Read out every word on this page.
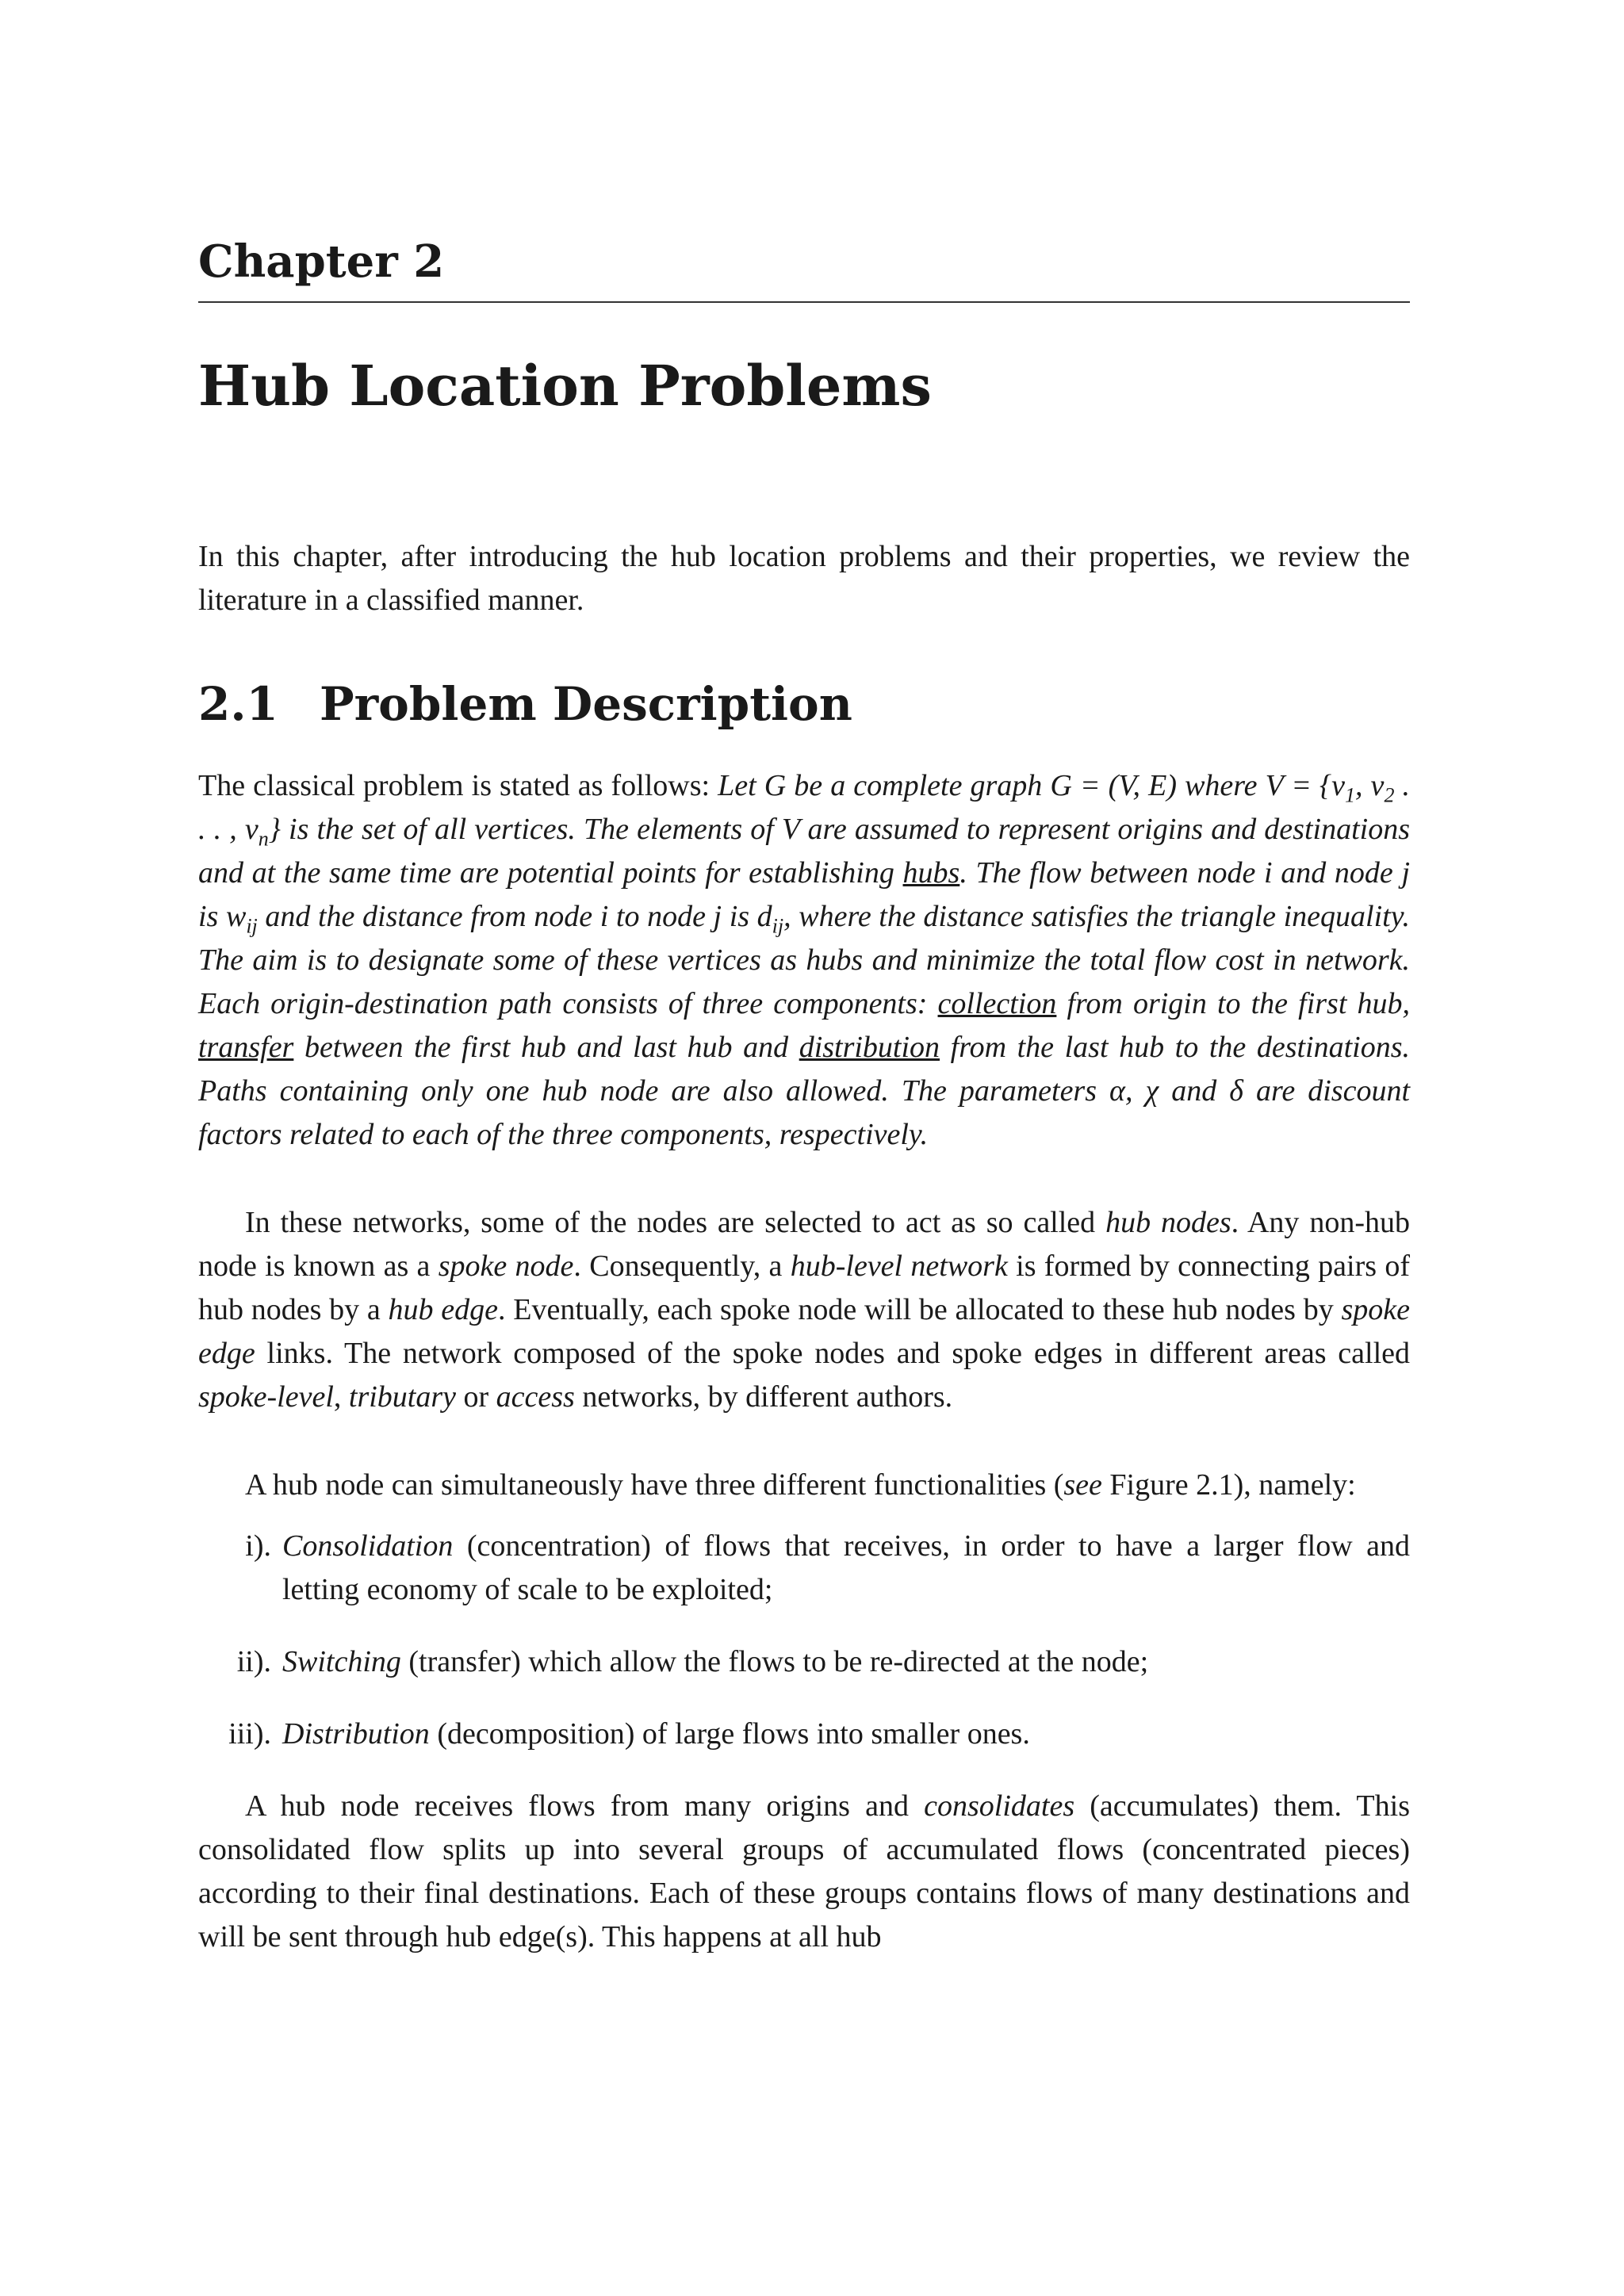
Chapter 2
Hub Location Problems

In this chapter, after introducing the hub location problems and their properties, we review the literature in a classified manner.

2.1 Problem Description

The classical problem is stated as follows: Let G be a complete graph G = (V, E) where $V = \{v_1$, $v_2$ . . . , $v_n$} is the set of all vertices. The elements of V are assumed to represent origins and destinations and at the same time are potential points for establishing hubs. The flow between node i and node j is $w_{ij}$ and the distance from node i to node j is $d_{ij}$, where the distance satisfies the triangle inequality. The aim is to designate some of these vertices as hubs and minimize the total flow cost in network. Each origin-destination path consists of three components: collection from origin to the first hub, transfer between the first hub and last hub and distribution from the last hub to the destinations. Paths containing only one hub node are also allowed. The parameters α, χ and δ are discount factors related to each of the three components, respectively.

In these networks, some of the nodes are selected to act as so called hub nodes. Any non-hub node is known as a spoke node. Consequently, a hub-level network is formed by connecting pairs of hub nodes by a hub edge. Eventually, each spoke node will be allocated to these hub nodes by spoke edge links. The network composed of the spoke nodes and spoke edges in different areas called spoke-level, tributary or access networks, by different authors.

A hub node can simultaneously have three different functionalities (see Figure 2.1), namely:

i). Consolidation (concentration) of flows that receives, in order to have a larger flow and letting economy of scale to be exploited;
ii). Switching (transfer) which allow the flows to be re-directed at the node;
iii). Distribution (decomposition) of large flows into smaller ones.

A hub node receives flows from many origins and consolidates (accumulates) them. This consolidated flow splits up into several groups of accumulated flows (concentrated pieces) according to their final destinations. Each of these groups contains flows of many destinations and will be sent through hub edge(s). This happens at all hub
